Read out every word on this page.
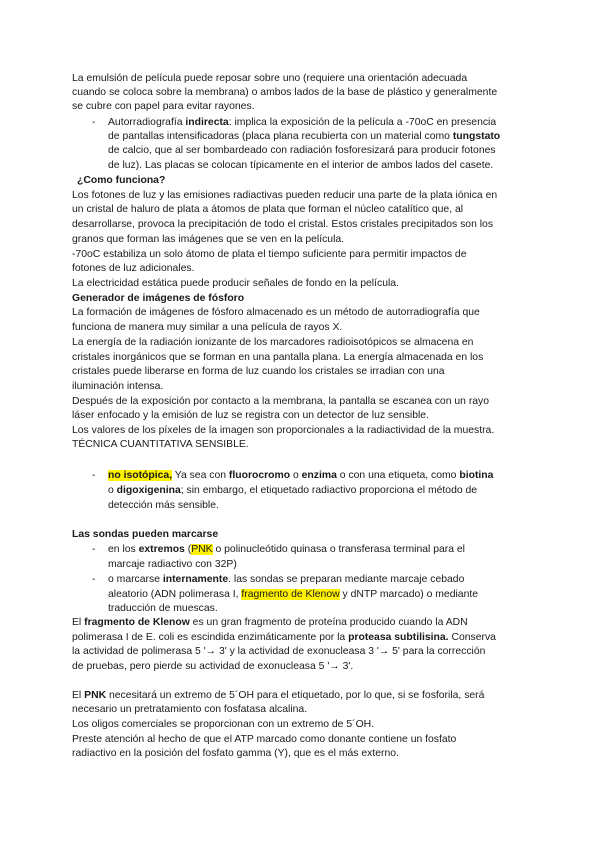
La emulsión de película puede reposar sobre uno (requiere una orientación adecuada

cuando se coloca sobre la membrana) o ambos lados de la base de plástico y generalmente

se cubre con papel para evitar rayones.

- Autorradiografía indirecta: implica la exposición de la película a -70oC en presencia

de pantallas intensificadoras (placa plana recubierta con un material como tungstato

de calcio, que al ser bombardeado con radiación fosforesizará para producir fotones

de luz). Las placas se colocan típicamente en el interior de ambos lados del casete.

¿Como funciona?

Los fotones de luz y las emisiones radiactivas pueden reducir una parte de la plata iónica en

un cristal de haluro de plata a átomos de plata que forman el núcleo catalítico que, al

desarrollarse, provoca la precipitación de todo el cristal. Estos cristales precipitados son los

granos que forman las imágenes que se ven en la película.

-70oC estabiliza un solo átomo de plata el tiempo suficiente para permitir impactos de

fotones de luz adicionales.

La electricidad estática puede producir señales de fondo en la película.

Generador de imágenes de fósforo

La formación de imágenes de fósforo almacenado es un método de autorradiografía que

funciona de manera muy similar a una película de rayos X.

La energía de la radiación ionizante de los marcadores radioisotópicos se almacena en

cristales inorgánicos que se forman en una pantalla plana. La energía almacenada en los

cristales puede liberarse en forma de luz cuando los cristales se irradian con una

iluminación intensa.

Después de la exposición por contacto a la membrana, la pantalla se escanea con un rayo

láser enfocado y la emisión de luz se registra con un detector de luz sensible.

Los valores de los píxeles de la imagen son proporcionales a la radiactividad de la muestra.

TÉCNICA CUANTITATIVA SENSIBLE.

- no isotópica, Ya sea con fluorocromo o enzima o con una etiqueta, como biotina

o digoxigenina; sin embargo, el etiquetado radiactivo proporciona el método de

detección más sensible.

Las sondas pueden marcarse

- en los extremos (PNK o polinucleótido quinasa o transferasa terminal para el

marcaje radiactivo con 32P)

- o marcarse internamente. las sondas se preparan mediante marcaje cebado

aleatorio (ADN polimerasa I, fragmento de Klenow y dNTP marcado) o mediante

traducción de muescas.

El fragmento de Klenow es un gran fragmento de proteína producido cuando la ADN

polimerasa I de E. coli es escindida enzimáticamente por la proteasa subtilisina. Conserva

la actividad de polimerasa 5 '→ 3' y la actividad de exonucleasa 3 '→ 5' para la corrección

de pruebas, pero pierde su actividad de exonucleasa 5 '→ 3'.

El PNK necesitará un extremo de 5´OH para el etiquetado, por lo que, si se fosforila, será

necesario un pretratamiento con fosfatasa alcalina.

Los oligos comerciales se proporcionan con un extremo de 5´OH.

Preste atención al hecho de que el ATP marcado como donante contiene un fosfato

radiactivo en la posición del fosfato gamma (Y), que es el más externo.
